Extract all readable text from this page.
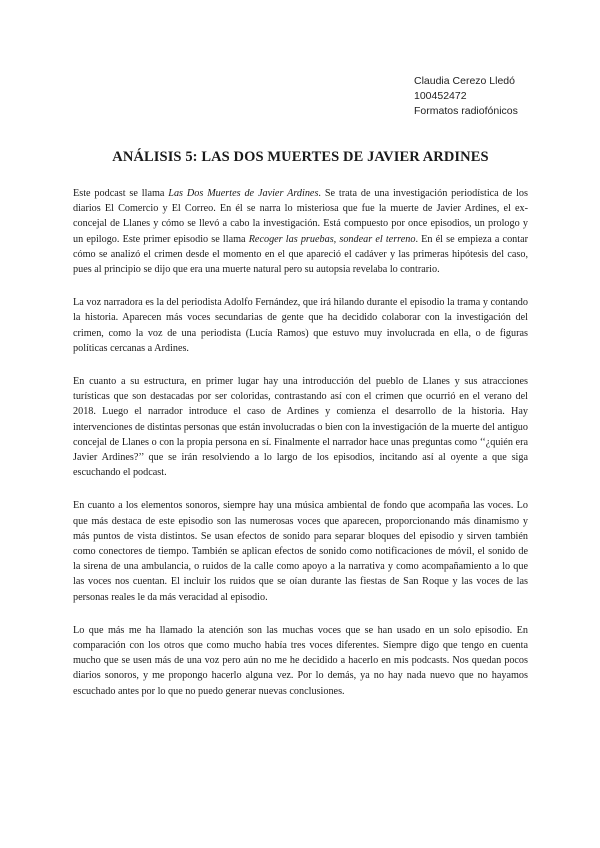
Claudia Cerezo Lledó
100452472
Formatos radiofónicos
ANÁLISIS 5: LAS DOS MUERTES DE JAVIER ARDINES

Este podcast se llama Las Dos Muertes de Javier Ardines. Se trata de una investigación periodística de los diarios El Comercio y El Correo. En él se narra lo misteriosa que fue la muerte de Javier Ardines, el ex-concejal de Llanes y cómo se llevó a cabo la investigación. Está compuesto por once episodios, un prologo y un epilogo. Este primer episodio se llama Recoger las pruebas, sondear el terreno. En él se empieza a contar cómo se analizó el crimen desde el momento en el que apareció el cadáver y las primeras hipótesis del caso, pues al principio se dijo que era una muerte natural pero su autopsia revelaba lo contrario.

La voz narradora es la del periodista Adolfo Fernández, que irá hilando durante el episodio la trama y contando la historia. Aparecen más voces secundarias de gente que ha decidido colaborar con la investigación del crimen, como la voz de una periodista (Lucía Ramos) que estuvo muy involucrada en ella, o de figuras políticas cercanas a Ardines.

En cuanto a su estructura, en primer lugar hay una introducción del pueblo de Llanes y sus atracciones turísticas que son destacadas por ser coloridas, contrastando así con el crimen que ocurrió en el verano del 2018. Luego el narrador introduce el caso de Ardines y comienza el desarrollo de la historia. Hay intervenciones de distintas personas que están involucradas o bien con la investigación de la muerte del antiguo concejal de Llanes o con la propia persona en sí. Finalmente el narrador hace unas preguntas como ‘‘¿quién era Javier Ardines?’’ que se irán resolviendo a lo largo de los episodios, incitando así al oyente a que siga escuchando el podcast.

En cuanto a los elementos sonoros, siempre hay una música ambiental de fondo que acompaña las voces. Lo que más destaca de este episodio son las numerosas voces que aparecen, proporcionando más dinamismo y más puntos de vista distintos. Se usan efectos de sonido para separar bloques del episodio y sirven también como conectores de tiempo. También se aplican efectos de sonido como notificaciones de móvil, el sonido de la sirena de una ambulancia, o ruidos de la calle como apoyo a la narrativa y como acompañamiento a lo que las voces nos cuentan. El incluir los ruidos que se oían durante las fiestas de San Roque y las voces de las personas reales le da más veracidad al episodio.

Lo que más me ha llamado la atención son las muchas voces que se han usado en un solo episodio. En comparación con los otros que como mucho había tres voces diferentes. Siempre digo que tengo en cuenta mucho que se usen más de una voz pero aún no me he decidido a hacerlo en mis podcasts. Nos quedan pocos diarios sonoros, y me propongo hacerlo alguna vez. Por lo demás, ya no hay nada nuevo que no hayamos escuchado antes por lo que no puedo generar nuevas conclusiones.
